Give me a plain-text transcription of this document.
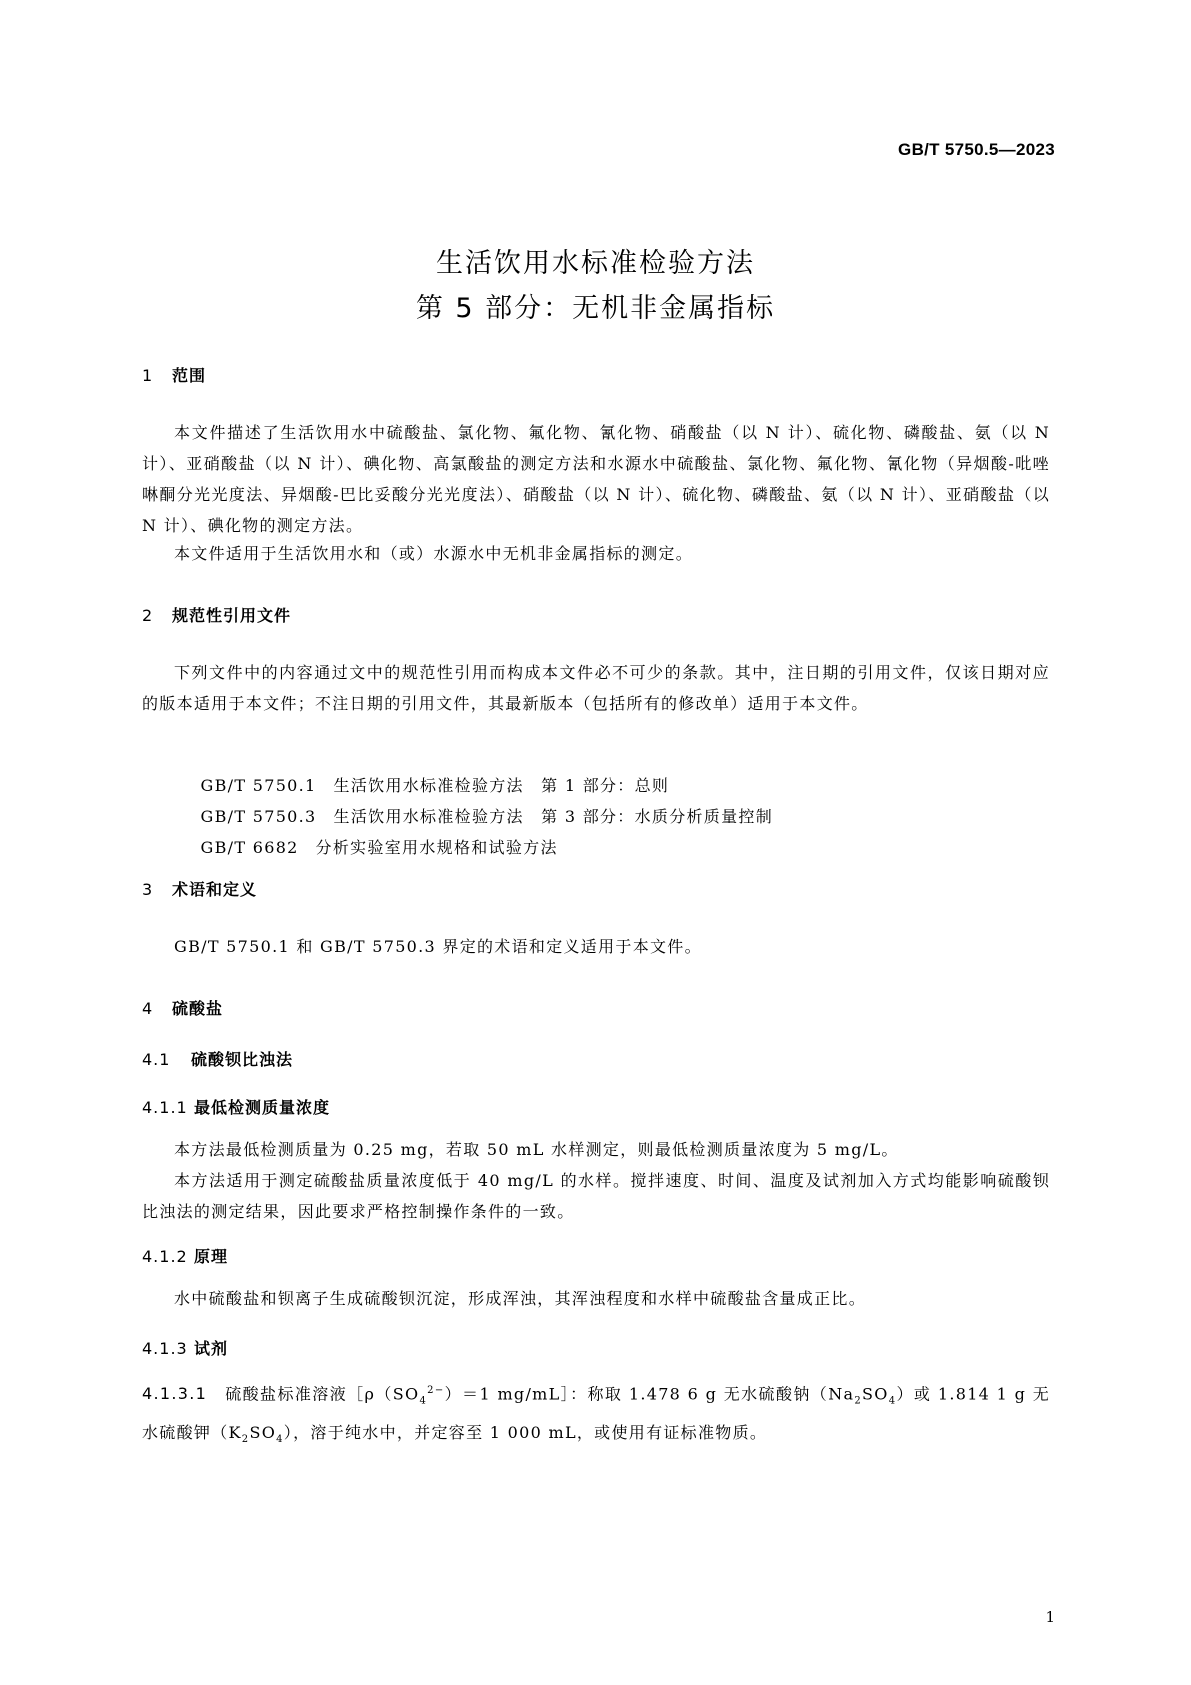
GB/T 5750.5—2023
生活饮用水标准检验方法
第 5 部分：无机非金属指标
1 范围
本文件描述了生活饮用水中硫酸盐、氯化物、氟化物、氰化物、硝酸盐（以 N 计）、硫化物、磷酸盐、氨（以 N 计）、亚硝酸盐（以 N 计）、碘化物、高氯酸盐的测定方法和水源水中硫酸盐、氯化物、氟化物、氰化物（异烟酸-吡唑啉酮分光光度法、异烟酸-巴比妥酸分光光度法）、硝酸盐（以 N 计）、硫化物、磷酸盐、氨（以 N 计）、亚硝酸盐（以 N 计）、碘化物的测定方法。
本文件适用于生活饮用水和（或）水源水中无机非金属指标的测定。
2 规范性引用文件
下列文件中的内容通过文中的规范性引用而构成本文件必不可少的条款。其中，注日期的引用文件，仅该日期对应的版本适用于本文件；不注日期的引用文件，其最新版本（包括所有的修改单）适用于本文件。

GB/T 5750.1 生活饮用水标准检验方法　第 1 部分：总则

GB/T 5750.3 生活饮用水标准检验方法　第 3 部分：水质分析质量控制

GB/T 6682 分析实验室用水规格和试验方法

3 术语和定义
GB/T 5750.1 和 GB/T 5750.3 界定的术语和定义适用于本文件。
4 硫酸盐
4.1 硫酸钡比浊法
4.1.1 最低检测质量浓度
本方法最低检测质量为 0.25 mg，若取 50 mL 水样测定，则最低检测质量浓度为 5 mg/L。
本方法适用于测定硫酸盐质量浓度低于 40 mg/L 的水样。搅拌速度、时间、温度及试剂加入方式均能影响硫酸钡比浊法的测定结果，因此要求严格控制操作条件的一致。
4.1.2 原理
水中硫酸盐和钡离子生成硫酸钡沉淀，形成浑浊，其浑浊程度和水样中硫酸盐含量成正比。
4.1.3 试剂
4.1.3.1 硫酸盐标准溶液$[\rho(SO_4^{2-})=1$ mg/mL］：称取 1.478 6 g 无水硫酸钠$(Na_2SO_4)$或 1.814 1 g 无水硫酸钾$(K_2SO_4)$，溶于纯水中，并定容至 1 000 mL，或使用有证标准物质。
1
